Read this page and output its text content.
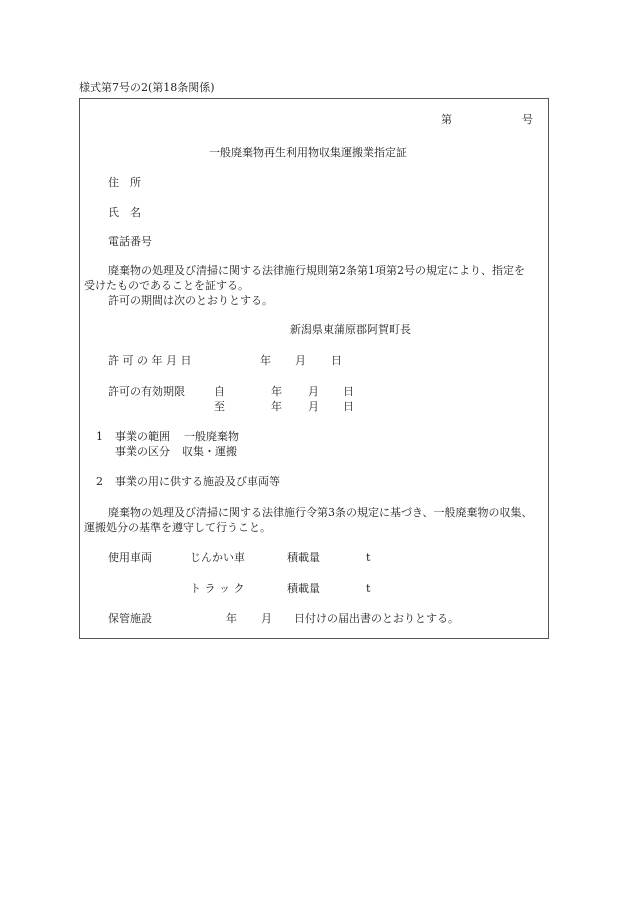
様式第7号の2(第18条関係)
第	号
一般廃棄物再生利用物収集運搬業指定証
住　所
氏　名
電話番号
廃棄物の処理及び清掃に関する法律施行規則第2条第1項第2号の規定により、指定を
受けたものであることを証する。
許可の期間は次のとおりとする。
新潟県東蒲原郡阿賀町長
許 可 の 年 月 日	年 月 日
許可の有効期限	自	年 月 日
至	年 月 日
1 事業の範囲 一般廃棄物
事業の区分 収集・運搬
2 事業の用に供する施設及び車両等
廃棄物の処理及び清掃に関する法律施行令第3条の規定に基づき、一般廃棄物の収集、
運搬処分の基準を遵守して行うこと。
使用車両	じんかい車	積載量	t
ト ラ ッ ク	積載量	t
保管施設	年 月 日付けの届出書のとおりとする。
